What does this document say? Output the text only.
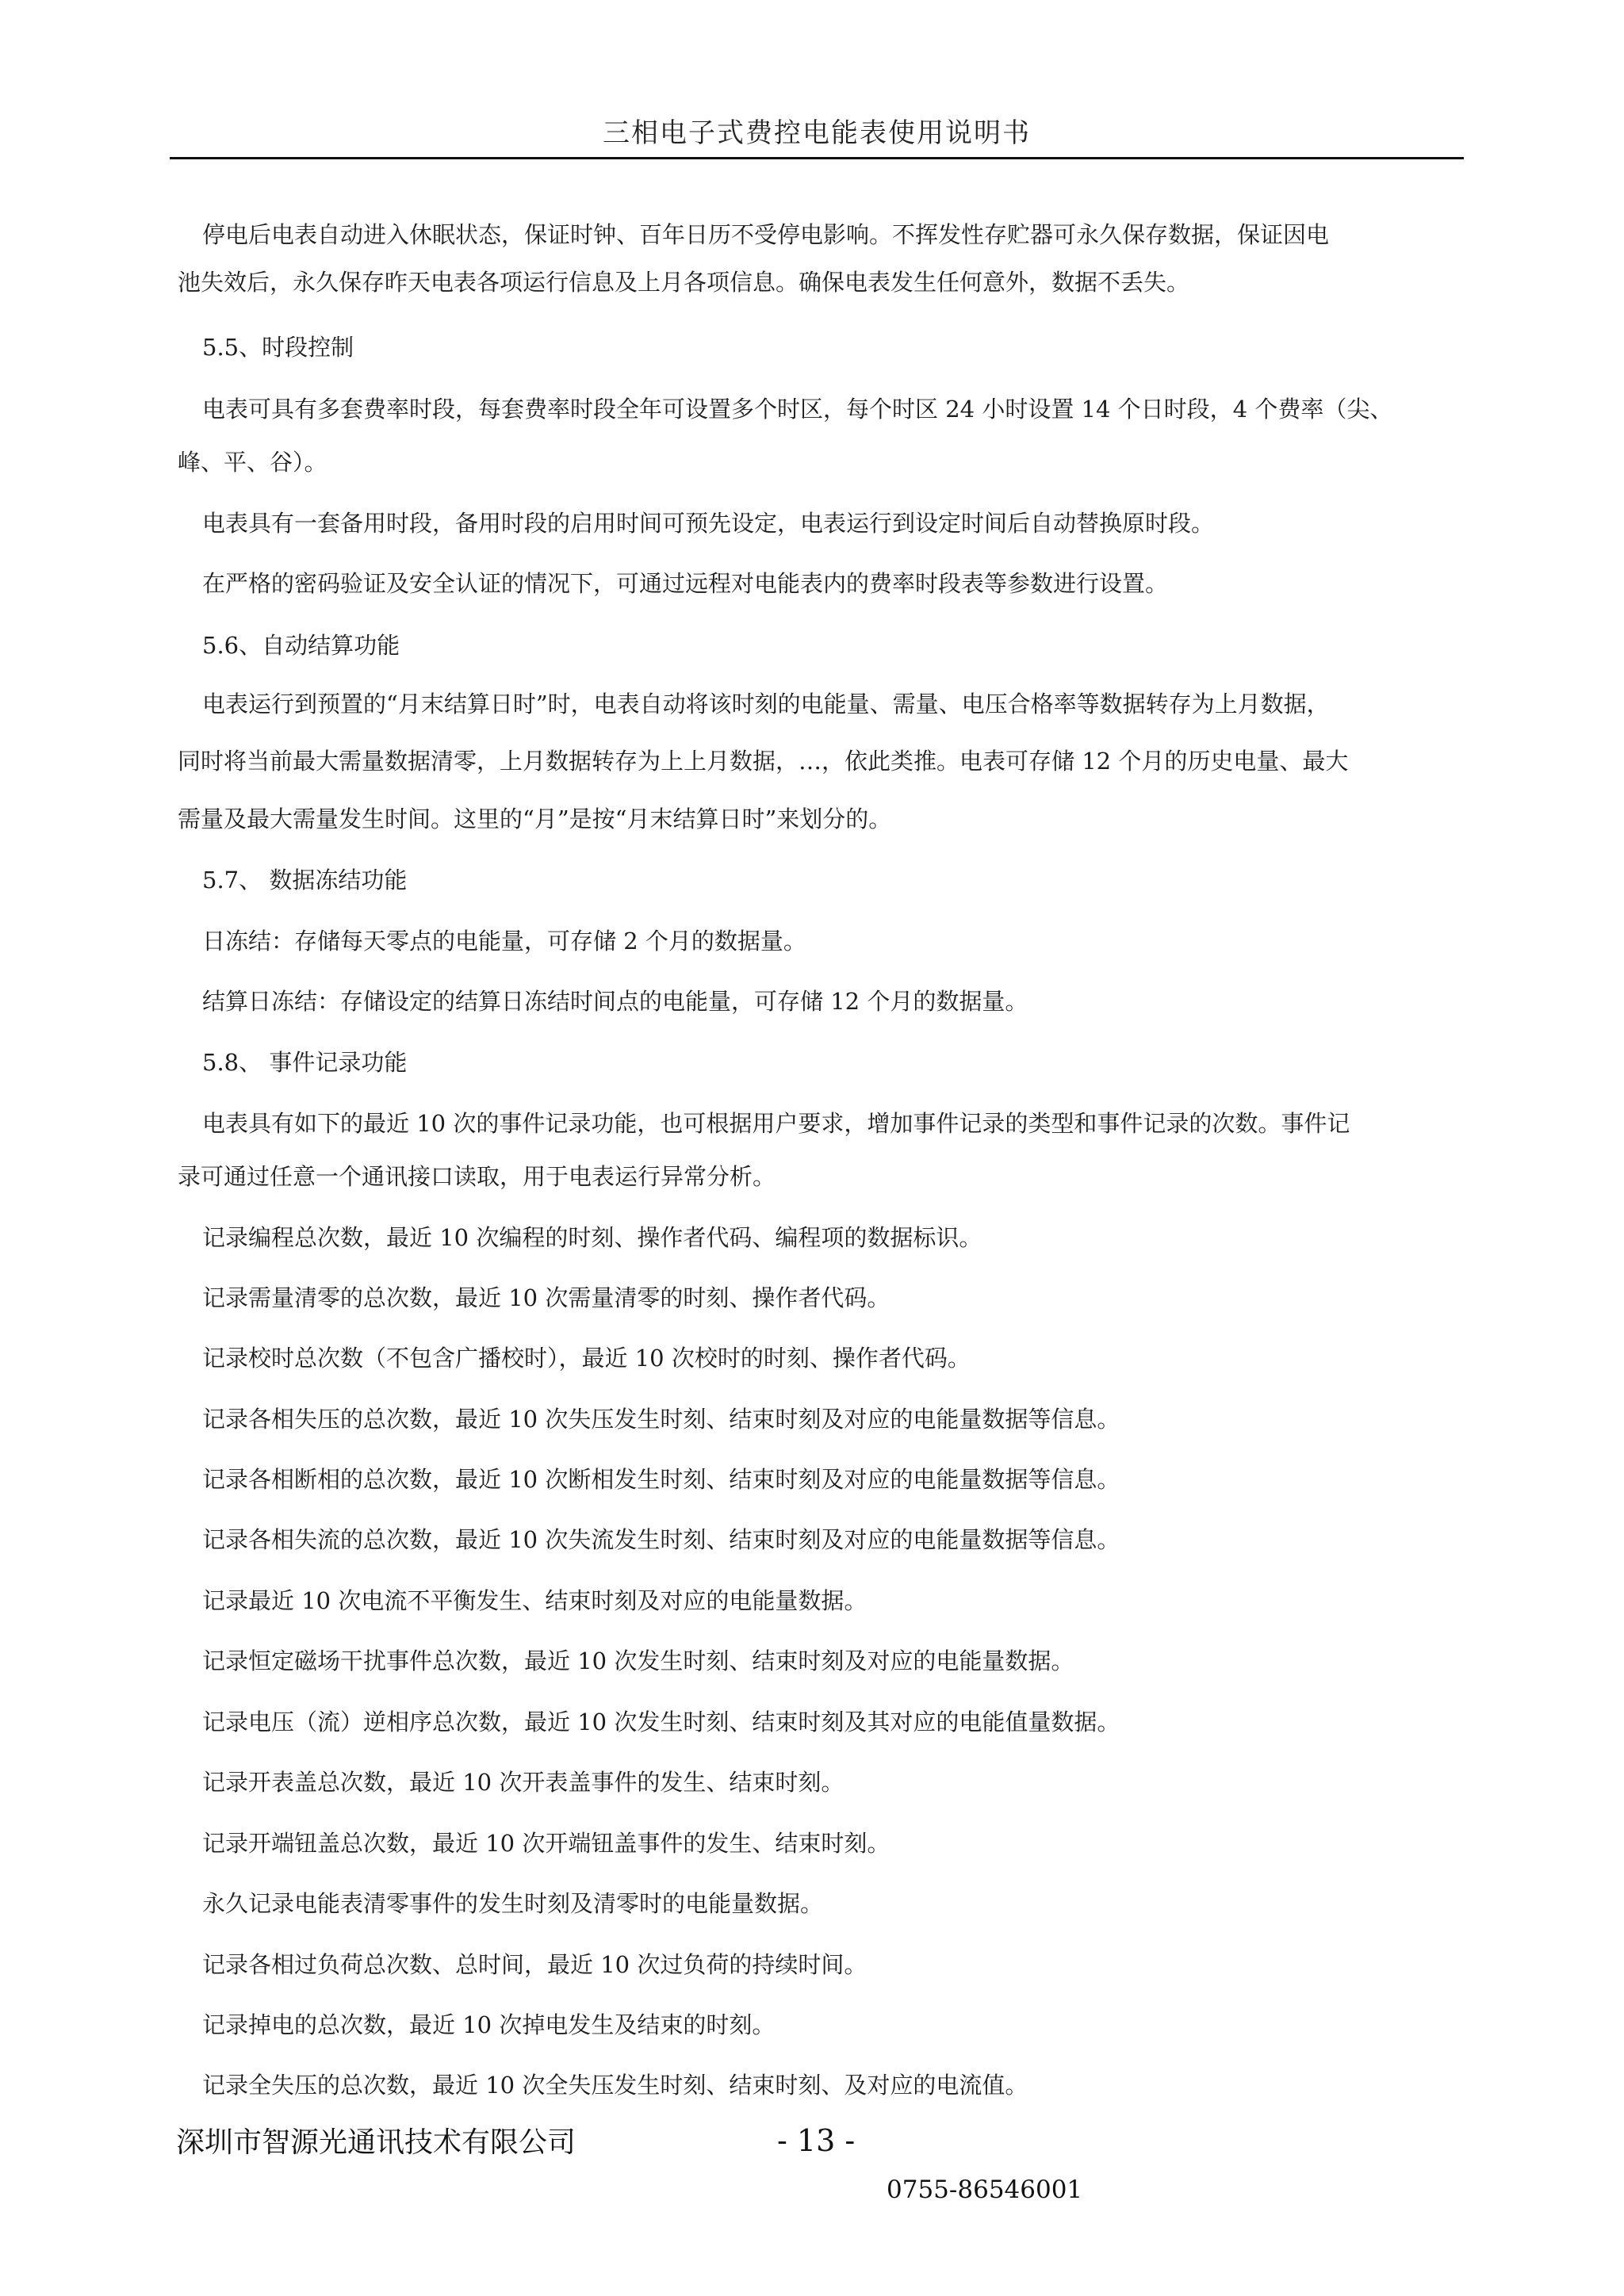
三相电子式费控电能表使用说明书
停电后电表自动进入休眠状态，保证时钟、百年日历不受停电影响。不挥发性存贮器可永久保存数据，保证因电
池失效后，永久保存昨天电表各项运行信息及上月各项信息。确保电表发生任何意外，数据不丢失。
5.5、时段控制
电表可具有多套费率时段，每套费率时段全年可设置多个时区，每个时区 24 小时设置 14 个日时段，4 个费率（尖、
峰、平、谷）。
电表具有一套备用时段，备用时段的启用时间可预先设定，电表运行到设定时间后自动替换原时段。
在严格的密码验证及安全认证的情况下，可通过远程对电能表内的费率时段表等参数进行设置。
5.6、自动结算功能
电表运行到预置的“月末结算日时”时，电表自动将该时刻的电能量、需量、电压合格率等数据转存为上月数据，
同时将当前最大需量数据清零，上月数据转存为上上月数据，…，依此类推。电表可存储 12 个月的历史电量、最大
需量及最大需量发生时间。这里的“月”是按“月末结算日时”来划分的。
5.7、 数据冻结功能
日冻结：存储每天零点的电能量，可存储 2 个月的数据量。
结算日冻结：存储设定的结算日冻结时间点的电能量，可存储 12 个月的数据量。
5.8、 事件记录功能
电表具有如下的最近 10 次的事件记录功能，也可根据用户要求，增加事件记录的类型和事件记录的次数。事件记
录可通过任意一个通讯接口读取，用于电表运行异常分析。
记录编程总次数，最近 10 次编程的时刻、操作者代码、编程项的数据标识。
记录需量清零的总次数，最近 10 次需量清零的时刻、操作者代码。
记录校时总次数（不包含广播校时），最近 10 次校时的时刻、操作者代码。
记录各相失压的总次数，最近 10 次失压发生时刻、结束时刻及对应的电能量数据等信息。
记录各相断相的总次数，最近 10 次断相发生时刻、结束时刻及对应的电能量数据等信息。
记录各相失流的总次数，最近 10 次失流发生时刻、结束时刻及对应的电能量数据等信息。
记录最近 10 次电流不平衡发生、结束时刻及对应的电能量数据。
记录恒定磁场干扰事件总次数，最近 10 次发生时刻、结束时刻及对应的电能量数据。
记录电压（流）逆相序总次数，最近 10 次发生时刻、结束时刻及其对应的电能值量数据。
记录开表盖总次数，最近 10 次开表盖事件的发生、结束时刻。
记录开端钮盖总次数，最近 10 次开端钮盖事件的发生、结束时刻。
永久记录电能表清零事件的发生时刻及清零时的电能量数据。
记录各相过负荷总次数、总时间，最近 10 次过负荷的持续时间。
记录掉电的总次数，最近 10 次掉电发生及结束的时刻。
记录全失压的总次数，最近 10 次全失压发生时刻、结束时刻、及对应的电流值。
深圳市智源光通讯技术有限公司	- 13 -
0755-86546001
